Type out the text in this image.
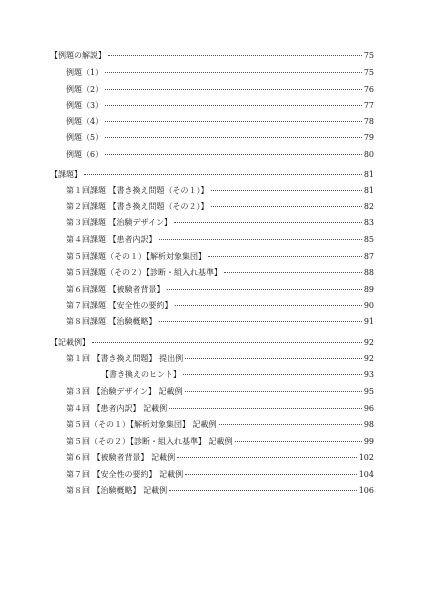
【例題の解説】	75
例題（1）	75
例題（2）	76
例題（3）	77
例題（4）	78
例題（5）	79
例題（6）	80
【課題】	81
第１回課題 【書き換え問題（その１）】	81
第２回課題 【書き換え問題（その２）】	82
第３回課題 【治験デザイン】	83
第４回課題 【患者内訳】	85
第５回課題（その１）【解析対象集団】	87
第５回課題（その２）【診断・組入れ基準】	88
第６回課題 【被験者背景】	89
第７回課題 【安全性の要約】	90
第８回課題 【治験概略】	91
【記載例】	92
第１回 【書き換え問題】 提出例	92
【書き換えのヒント】	93
第３回 【治験デザイン】 記載例	95
第４回 【患者内訳】 記載例	96
第５回（その１）【解析対象集団】 記載例	98
第５回（その２）【診断・組入れ基準】 記載例	99
第６回 【被験者背景】 記載例	102
第７回 【安全性の要約】 記載例	104
第８回 【治験概略】 記載例	106
